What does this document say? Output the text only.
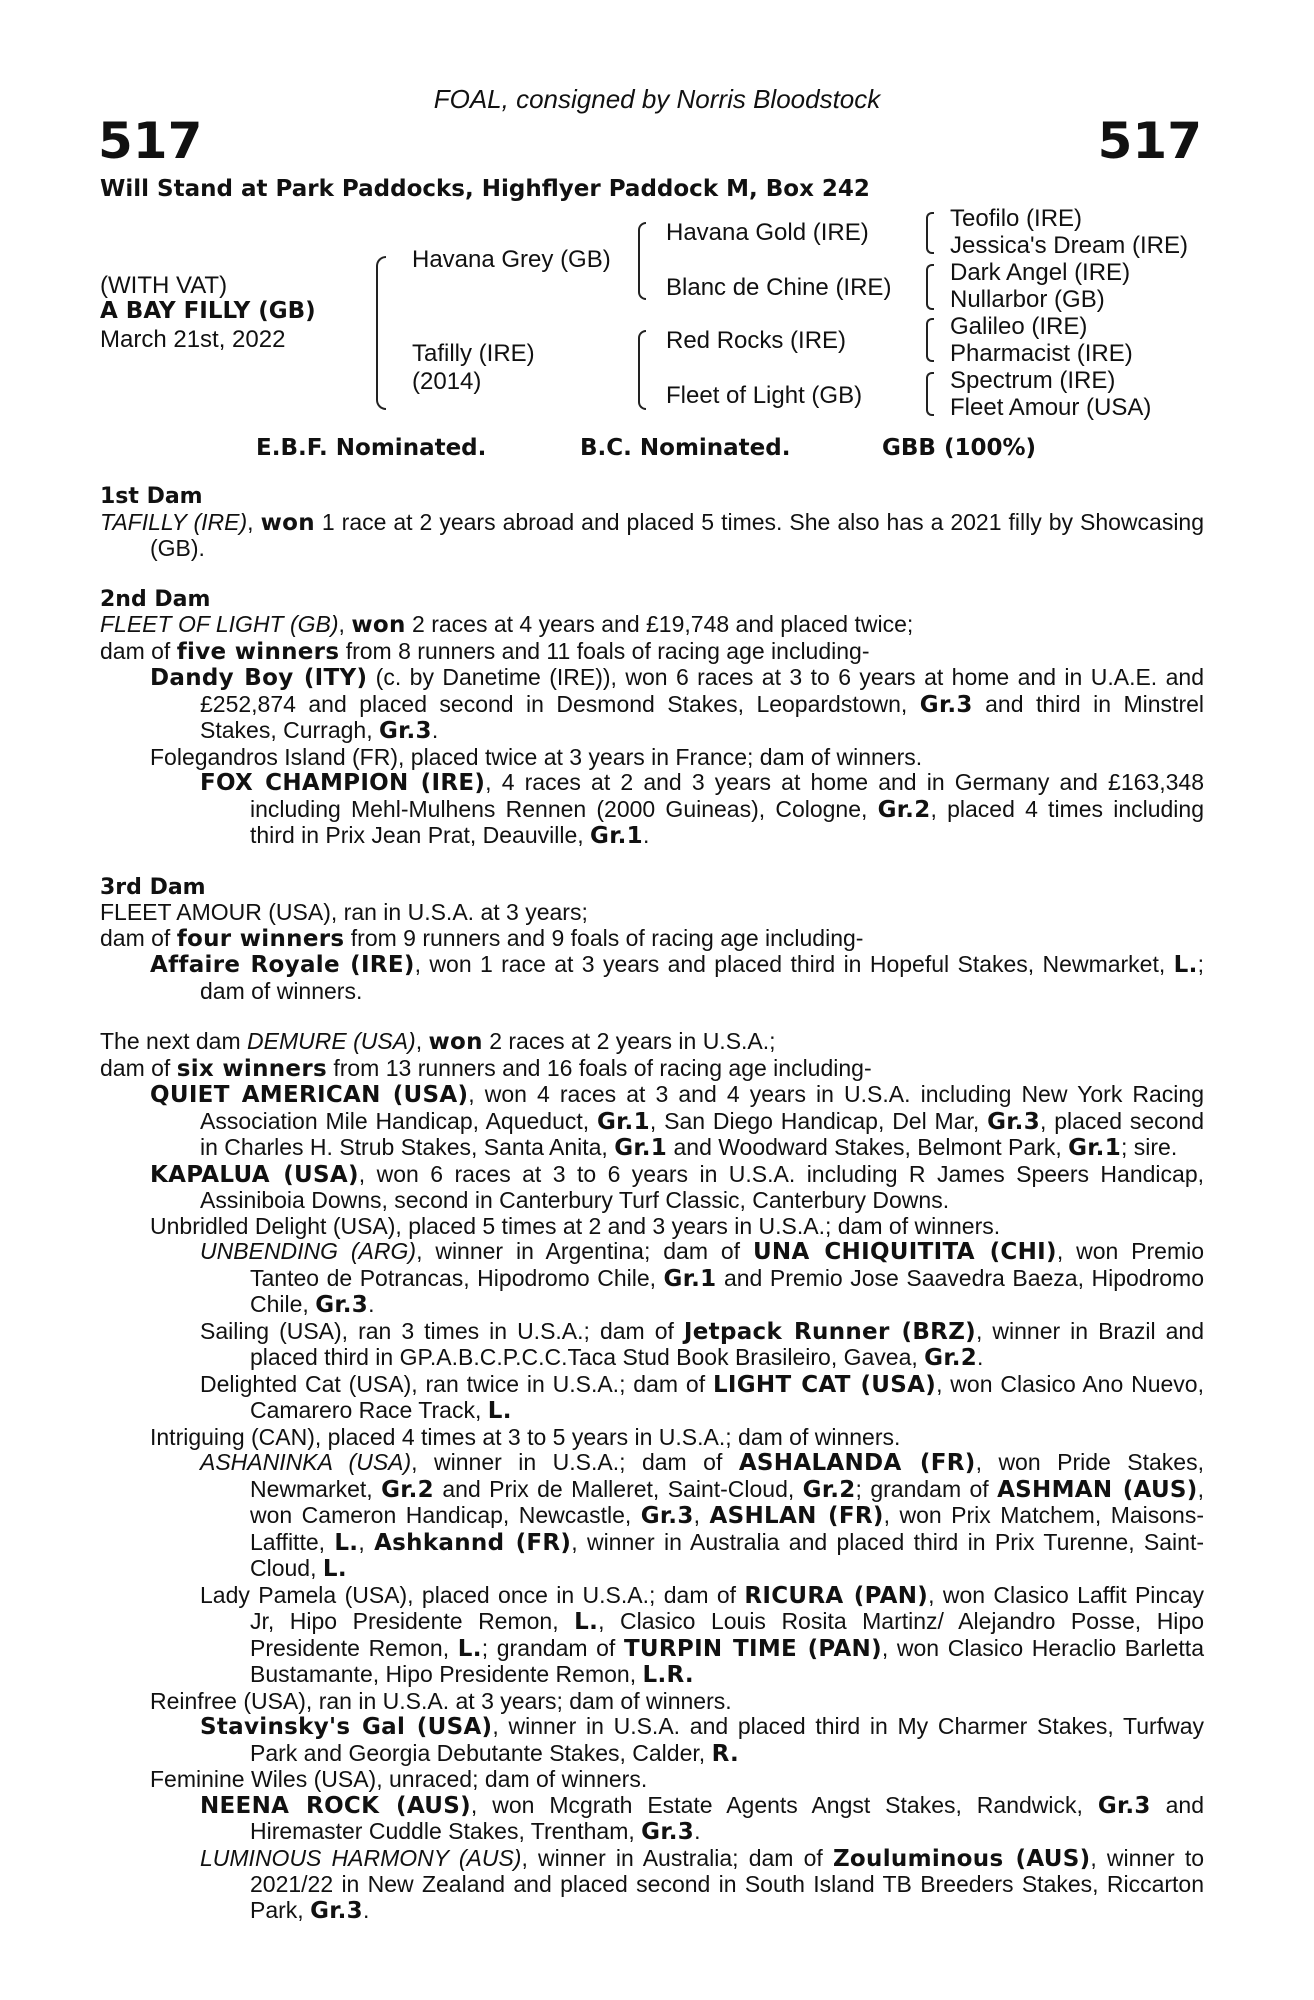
FOAL, consigned by Norris Bloodstock
517	517
Will Stand at Park Paddocks, Highflyer Paddock M, Box 242
(WITH VAT)
A BAY FILLY (GB)
March 21st, 2022
Havana Grey (GB)
Tafilly (IRE)
(2014)
Havana Gold (IRE)
Blanc de Chine (IRE)
Red Rocks (IRE)
Fleet of Light (GB)
Teofilo (IRE)
Jessica's Dream (IRE)
Dark Angel (IRE)
Nullarbor (GB)
Galileo (IRE)
Pharmacist (IRE)
Spectrum (IRE)
Fleet Amour (USA)
E.B.F. Nominated.	B.C. Nominated.	GBB (100%)

1st Dam

TAFILLY (IRE), won 1 race at 2 years abroad and placed 5 times. She also has a 2021 filly by Showcasing (GB).

2nd Dam

FLEET OF LIGHT (GB), won 2 races at 4 years and £19,748 and placed twice;

dam of five winners from 8 runners and 11 foals of racing age including-

Dandy Boy (ITY) (c. by Danetime (IRE)), won 6 races at 3 to 6 years at home and in U.A.E. and £252,874 and placed second in Desmond Stakes, Leopardstown, Gr.3 and third in Minstrel Stakes, Curragh, Gr.3.

Folegandros Island (FR), placed twice at 3 years in France; dam of winners.

FOX CHAMPION (IRE), 4 races at 2 and 3 years at home and in Germany and £163,348 including Mehl-Mulhens Rennen (2000 Guineas), Cologne, Gr.2, placed 4 times including third in Prix Jean Prat, Deauville, Gr.1.

3rd Dam

FLEET AMOUR (USA), ran in U.S.A. at 3 years;

dam of four winners from 9 runners and 9 foals of racing age including-

Affaire Royale (IRE), won 1 race at 3 years and placed third in Hopeful Stakes, Newmarket, L.; dam of winners.

The next dam DEMURE (USA), won 2 races at 2 years in U.S.A.;

dam of six winners from 13 runners and 16 foals of racing age including-

QUIET AMERICAN (USA), won 4 races at 3 and 4 years in U.S.A. including New York Racing Association Mile Handicap, Aqueduct, Gr.1, San Diego Handicap, Del Mar, Gr.3, placed second in Charles H. Strub Stakes, Santa Anita, Gr.1 and Woodward Stakes, Belmont Park, Gr.1; sire.

KAPALUA (USA), won 6 races at 3 to 6 years in U.S.A. including R James Speers Handicap, Assiniboia Downs, second in Canterbury Turf Classic, Canterbury Downs.

Unbridled Delight (USA), placed 5 times at 2 and 3 years in U.S.A.; dam of winners.

UNBENDING (ARG), winner in Argentina; dam of UNA CHIQUITITA (CHI), won Premio Tanteo de Potrancas, Hipodromo Chile, Gr.1 and Premio Jose Saavedra Baeza, Hipodromo Chile, Gr.3.

Sailing (USA), ran 3 times in U.S.A.; dam of Jetpack Runner (BRZ), winner in Brazil and placed third in GP.A.B.C.P.C.C.Taca Stud Book Brasileiro, Gavea, Gr.2.

Delighted Cat (USA), ran twice in U.S.A.; dam of LIGHT CAT (USA), won Clasico Ano Nuevo, Camarero Race Track, L.

Intriguing (CAN), placed 4 times at 3 to 5 years in U.S.A.; dam of winners.

ASHANINKA (USA), winner in U.S.A.; dam of ASHALANDA (FR), won Pride Stakes, Newmarket, Gr.2 and Prix de Malleret, Saint-Cloud, Gr.2; grandam of ASHMAN (AUS), won Cameron Handicap, Newcastle, Gr.3, ASHLAN (FR), won Prix Matchem, Maisons-Laffitte, L., Ashkannd (FR), winner in Australia and placed third in Prix Turenne, Saint-Cloud, L.

Lady Pamela (USA), placed once in U.S.A.; dam of RICURA (PAN), won Clasico Laffit Pincay Jr, Hipo Presidente Remon, L., Clasico Louis Rosita Martinz/ Alejandro Posse, Hipo Presidente Remon, L.; grandam of TURPIN TIME (PAN), won Clasico Heraclio Barletta Bustamante, Hipo Presidente Remon, L.R.

Reinfree (USA), ran in U.S.A. at 3 years; dam of winners.

Stavinsky's Gal (USA), winner in U.S.A. and placed third in My Charmer Stakes, Turfway Park and Georgia Debutante Stakes, Calder, R.

Feminine Wiles (USA), unraced; dam of winners.

NEENA ROCK (AUS), won Mcgrath Estate Agents Angst Stakes, Randwick, Gr.3 and Hiremaster Cuddle Stakes, Trentham, Gr.3.

LUMINOUS HARMONY (AUS), winner in Australia; dam of Zouluminous (AUS), winner to 2021/22 in New Zealand and placed second in South Island TB Breeders Stakes, Riccarton Park, Gr.3.
